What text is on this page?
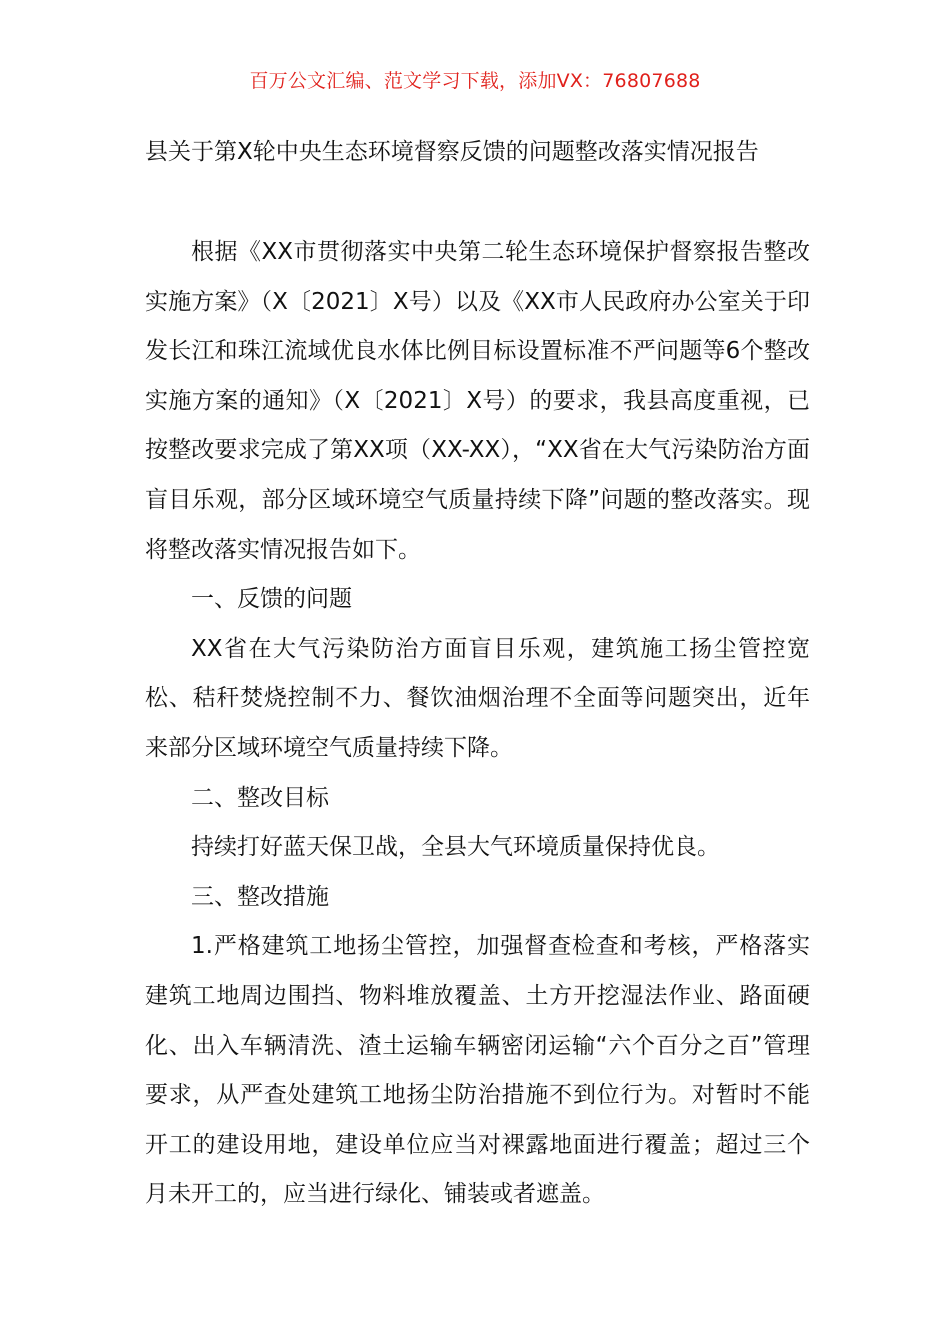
百万公文汇编、范文学习下载，添加VX：76807688
县关于第X轮中央生态环境督察反馈的问题整改落实情况报告

根据《XX市贯彻落实中央第二轮生态环境保护督察报告整改实施方案》（X〔2021〕X号）以及《XX市人民政府办公室关于印发长江和珠江流域优良水体比例目标设置标准不严问题等6个整改实施方案的通知》（X〔2021〕X号）的要求，我县高度重视，已按整改要求完成了第XX项（XX-XX），“XX省在大气污染防治方面盲目乐观，部分区域环境空气质量持续下降”问题的整改落实。现将整改落实情况报告如下。

一、反馈的问题

XX省在大气污染防治方面盲目乐观，建筑施工扬尘管控宽松、秸秆焚烧控制不力、餐饮油烟治理不全面等问题突出，近年来部分区域环境空气质量持续下降。

二、整改目标

持续打好蓝天保卫战，全县大气环境质量保持优良。

三、整改措施

1.严格建筑工地扬尘管控，加强督查检查和考核，严格落实建筑工地周边围挡、物料堆放覆盖、土方开挖湿法作业、路面硬化、出入车辆清洗、渣土运输车辆密闭运输“六个百分之百”管理要求，从严查处建筑工地扬尘防治措施不到位行为。对暂时不能开工的建设用地，建设单位应当对裸露地面进行覆盖；超过三个月未开工的，应当进行绿化、铺装或者遮盖。
